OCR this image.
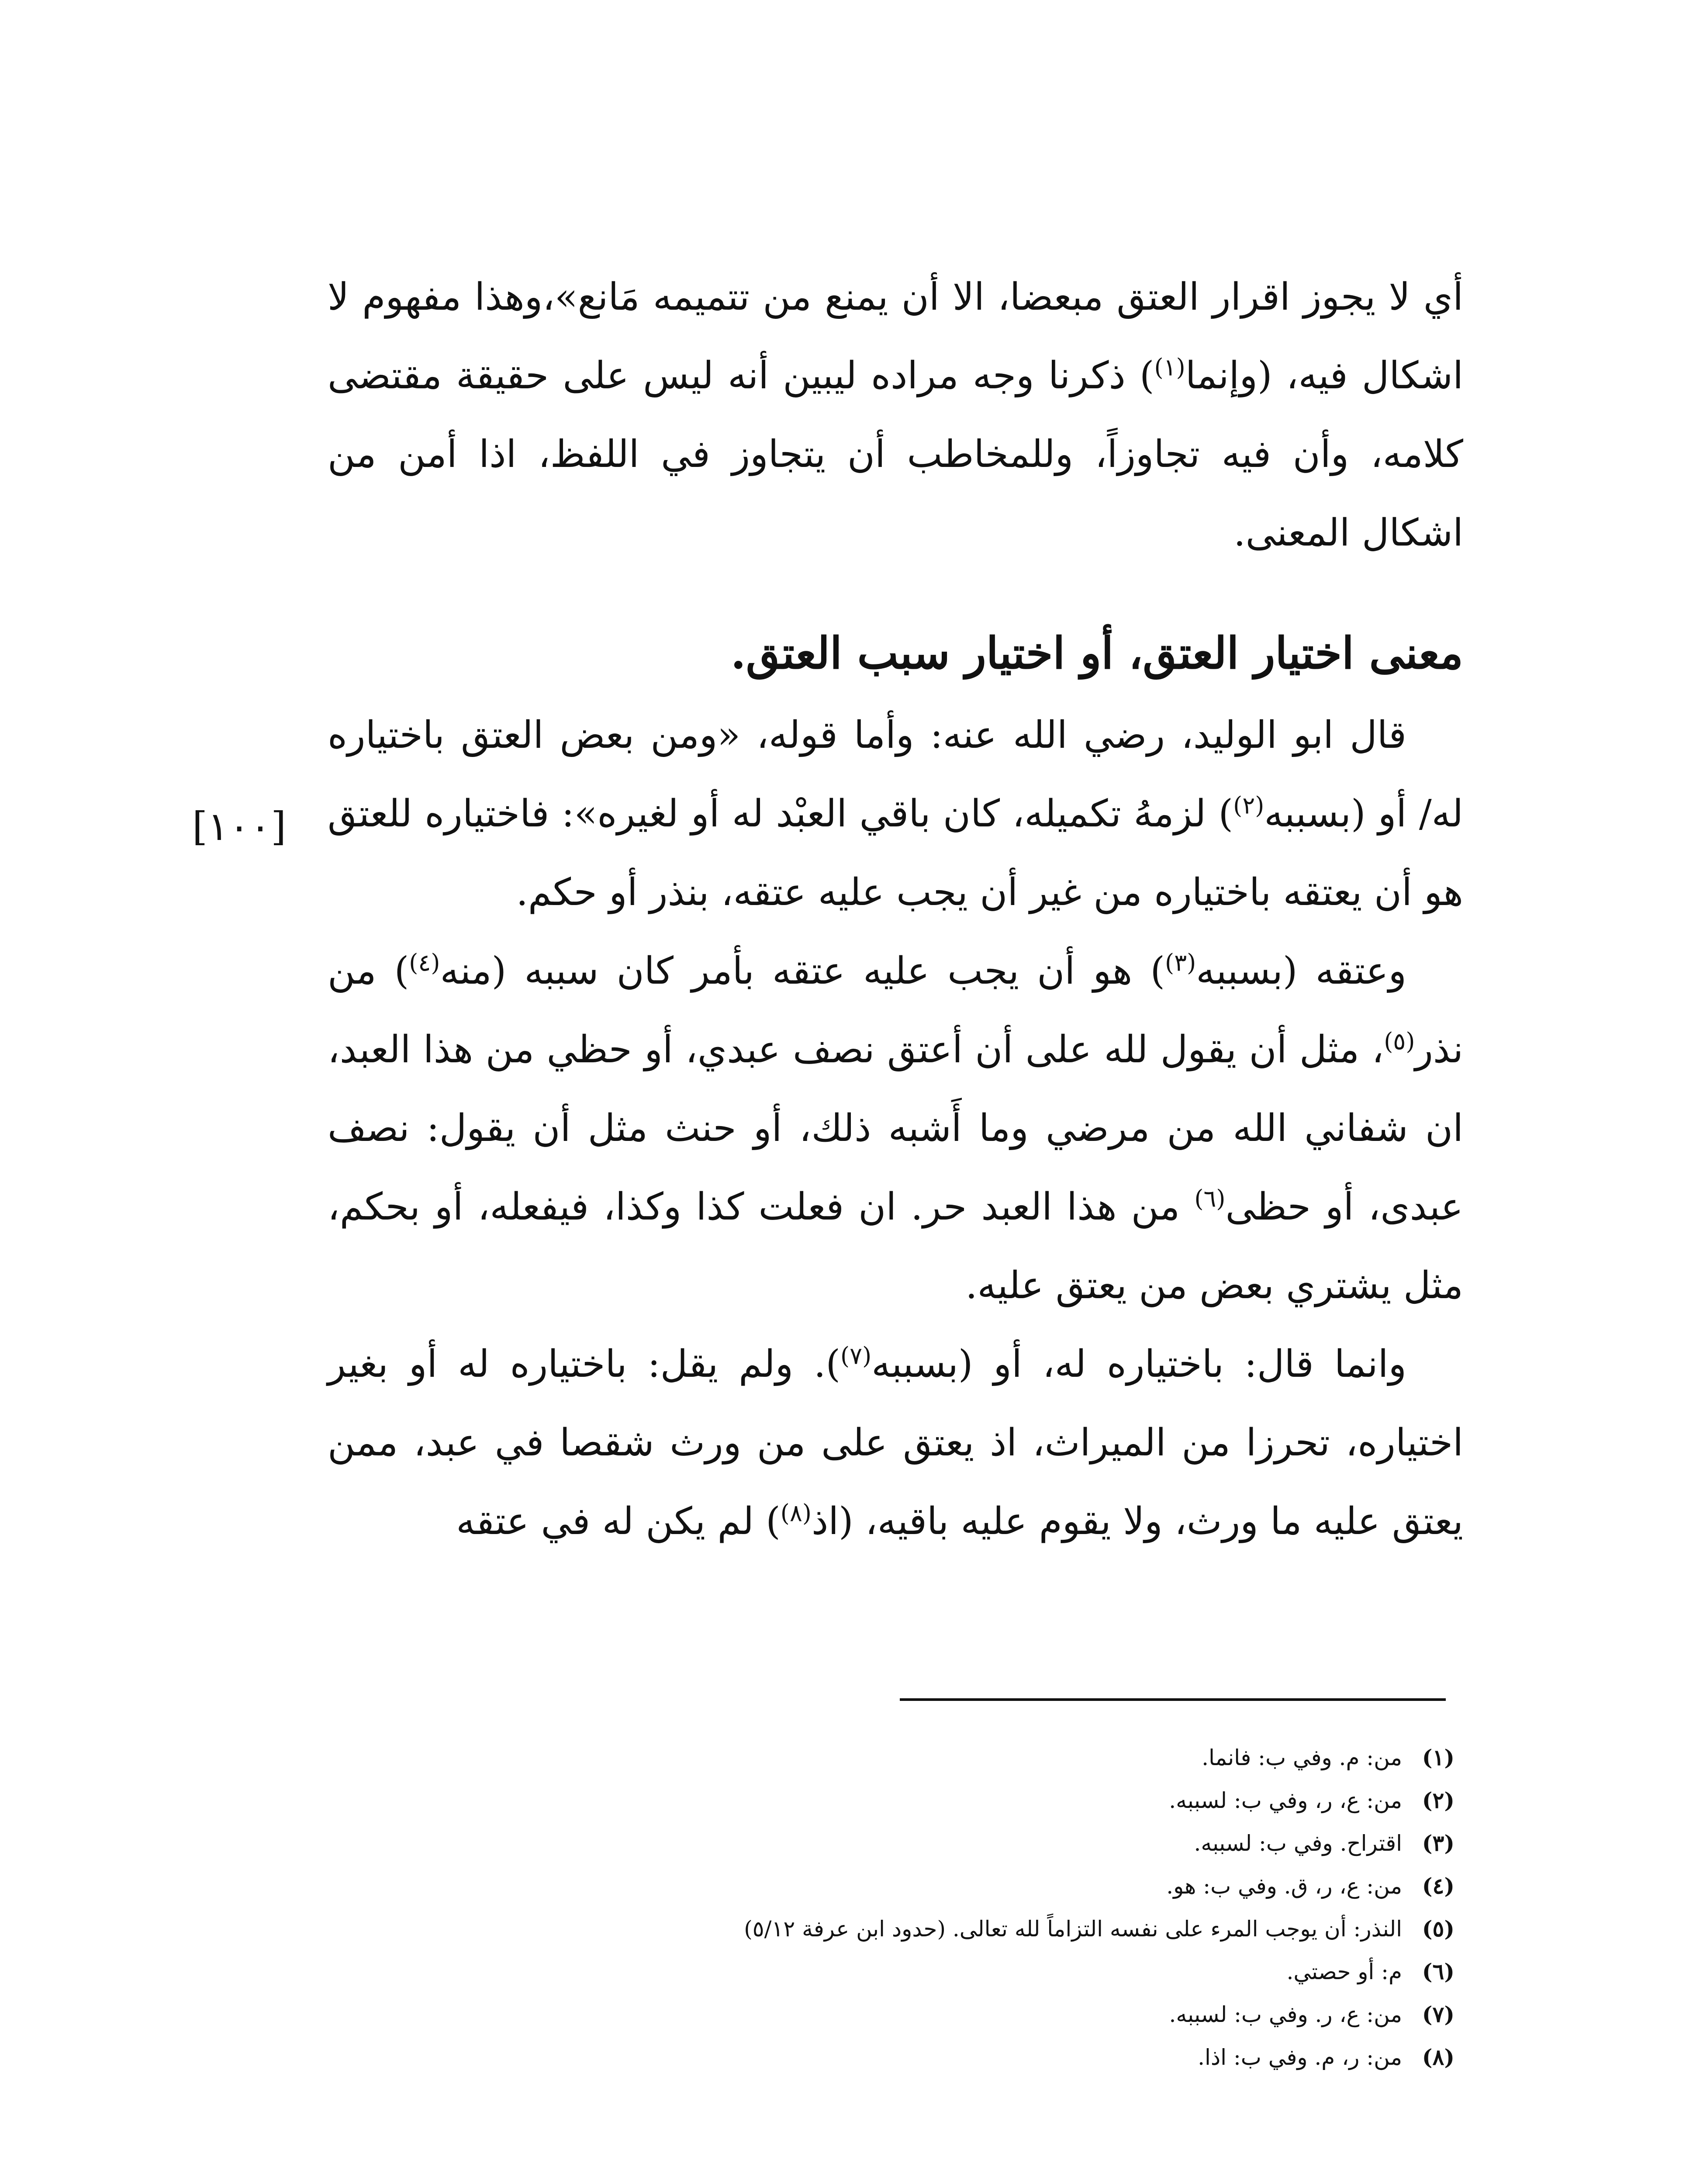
أي لا يجوز اقرار العتق مبعضا، الا أن يمنع من تتميمه مَانع»،وهذا مفهوم لا اشكال فيه، (وإنما$^{(١)}$) ذكرنا وجه مراده ليبين أنه ليس على حقيقة مقتضى كلامه، وأن فيه تجاوزاً، وللمخاطب أن يتجاوز في اللفظ، اذا أمن من اشكال المعنى.

معنى اختيار العتق، أو اختيار سبب العتق.

قال ابو الوليد، رضي الله عنه: وأما قوله، «ومن بعض العتق باختياره له/ أو (بسببه$^{(٢)}$) لزمهُ تكميله، كان باقي العبْد له أو لغيره»: فاختياره للعتق هو أن يعتقه باختياره من غير أن يجب عليه عتقه، بنذر أو حكم.

وعتقه (بسببه$^{(٣)}$) هو أن يجب عليه عتقه بأمر كان سببه (منه$^{(٤)}$) من نذر$^{(٥)}$، مثل أن يقول لله على أن أعتق نصف عبدي، أو حظي من هذا العبد، ان شفاني الله من مرضي وما أَشبه ذلك، أو حنث مثل أن يقول: نصف عبدى، أو حظى$^{(٦)}$ من هذا العبد حر. ان فعلت كذا وكذا، فيفعله، أو بحكم، مثل يشتري بعض من يعتق عليه.

وانما قال: باختياره له، أو (بسببه$^{(٧)}$). ولم يقل: باختياره له أو بغير اختياره، تحرزا من الميراث، اذ يعتق على من ورث شقصا في عبد، ممن يعتق عليه ما ورث، ولا يقوم عليه باقيه، (اذ$^{(٨)}$) لم يكن له في عتقه

[١٠٠]

(١)من: م. وفي ب: فانما.

(٢)من: ع، ر، وفي ب: لسببه.

(٣)اقتراح. وفي ب: لسببه.

(٤)من: ع، ر، ق. وفي ب: هو.

(٥)النذر: أن يوجب المرء على نفسه التزاماً لله تعالى. (حدود ابن عرفة ٥/١٢)

(٦)م: أو حصتي.

(٧)من: ع، ر. وفي ب: لسببه.

(٨)من: ر، م. وفي ب: اذا.
